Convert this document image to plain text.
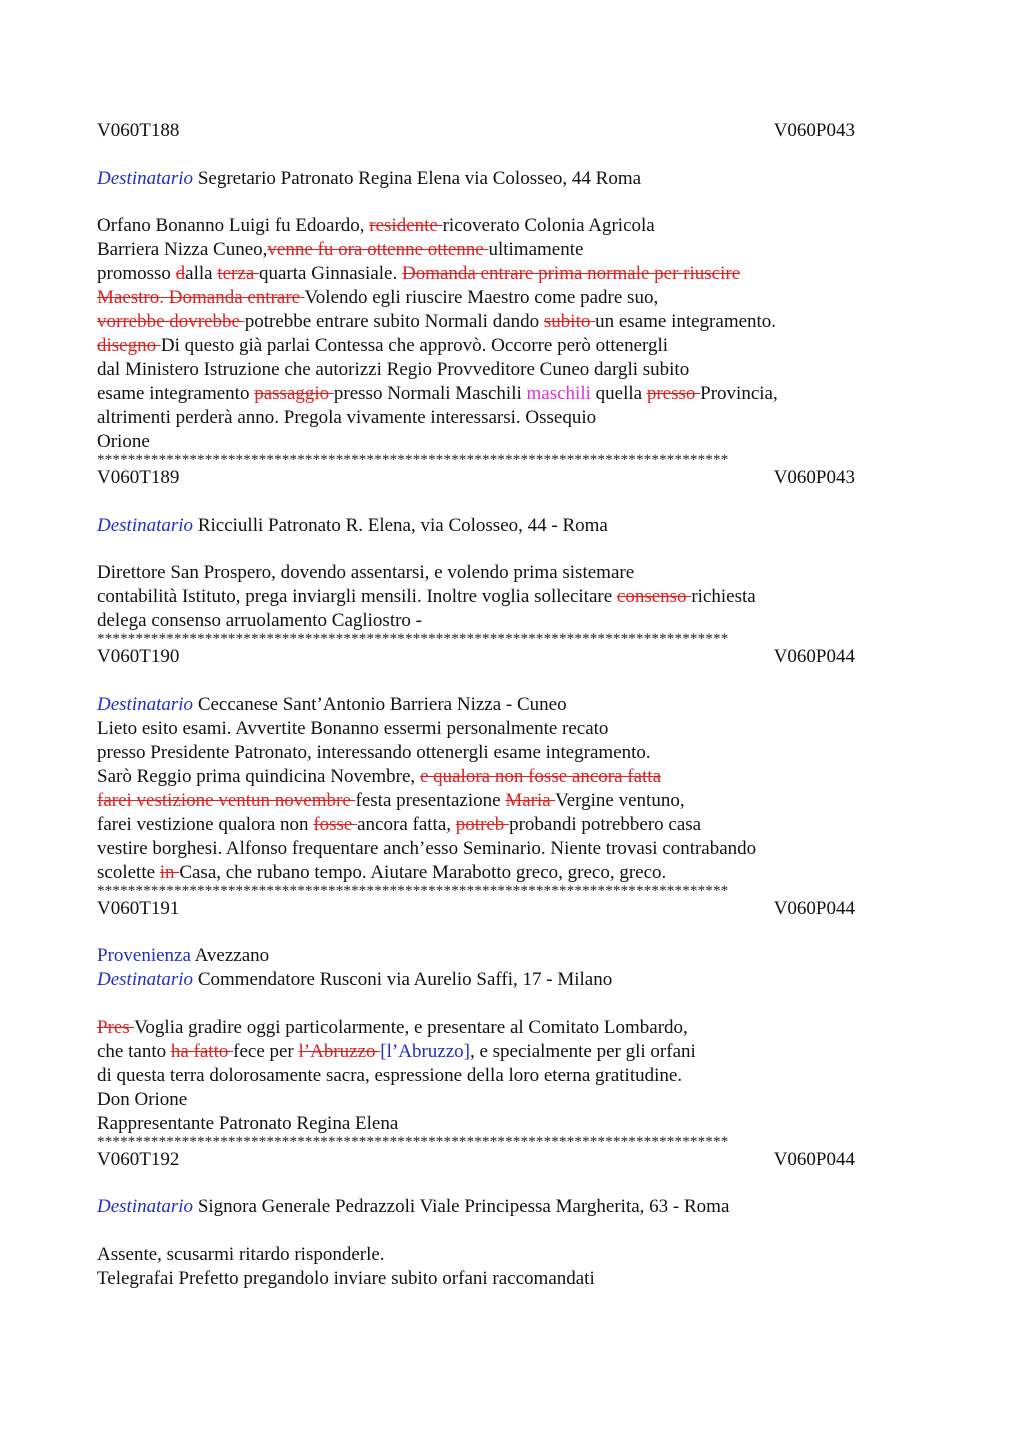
V060T188	V060P043
Destinatario Segretario Patronato Regina Elena via Colosseo, 44 Roma
Orfano Bonanno Luigi fu Edoardo, residente ricoverato Colonia Agricola
Barriera Nizza Cuneo,venne fu ora ottenne ottenne ultimamente
promosso dalla terza quarta Ginnasiale. Domanda entrare prima normale per riuscire
Maestro. Domanda entrare Volendo egli riuscire Maestro come padre suo,
vorrebbe dovrebbe potrebbe entrare subito Normali dando subito un esame integramento.
disegno Di questo già parlai Contessa che approvò. Occorre però ottenergli
dal Ministero Istruzione che autorizzi Regio Provveditore Cuneo dargli subito
esame integramento passaggio presso Normali Maschili maschili quella presso Provincia,
altrimenti perderà anno. Pregola vivamente interessarsi. Ossequio
Orione
**********************************************************************************
V060T189	V060P043
Destinatario Ricciulli Patronato R. Elena, via Colosseo, 44 - Roma
Direttore San Prospero, dovendo assentarsi, e volendo prima sistemare
contabilità Istituto, prega inviargli mensili. Inoltre voglia sollecitare consenso richiesta
delega consenso arruolamento Cagliostro -
**********************************************************************************
V060T190	V060P044
Destinatario Ceccanese Sant’Antonio Barriera Nizza - Cuneo
Lieto esito esami. Avvertite Bonanno essermi personalmente recato
presso Presidente Patronato, interessando ottenergli esame integramento.
Sarò Reggio prima quindicina Novembre, e qualora non fosse ancora fatta
farei vestizione ventun novembre festa presentazione Maria Vergine ventuno,
farei vestizione qualora non fosse ancora fatta, potreb probandi potrebbero casa
vestire borghesi. Alfonso frequentare anch’esso Seminario. Niente trovasi contrabando
scolette in Casa, che rubano tempo. Aiutare Marabotto greco, greco, greco.
**********************************************************************************
V060T191	V060P044
Provenienza Avezzano
Destinatario Commendatore Rusconi via Aurelio Saffi, 17 - Milano
Pres Voglia gradire oggi particolarmente, e presentare al Comitato Lombardo,
che tanto ha fatto fece per l’Abruzzo [l’Abruzzo], e specialmente per gli orfani
di questa terra dolorosamente sacra, espressione della loro eterna gratitudine.
Don Orione
Rappresentante Patronato Regina Elena
**********************************************************************************
V060T192	V060P044
Destinatario Signora Generale Pedrazzoli Viale Principessa Margherita, 63 - Roma
Assente, scusarmi ritardo risponderle.
Telegrafai Prefetto pregandolo inviare subito orfani raccomandati
